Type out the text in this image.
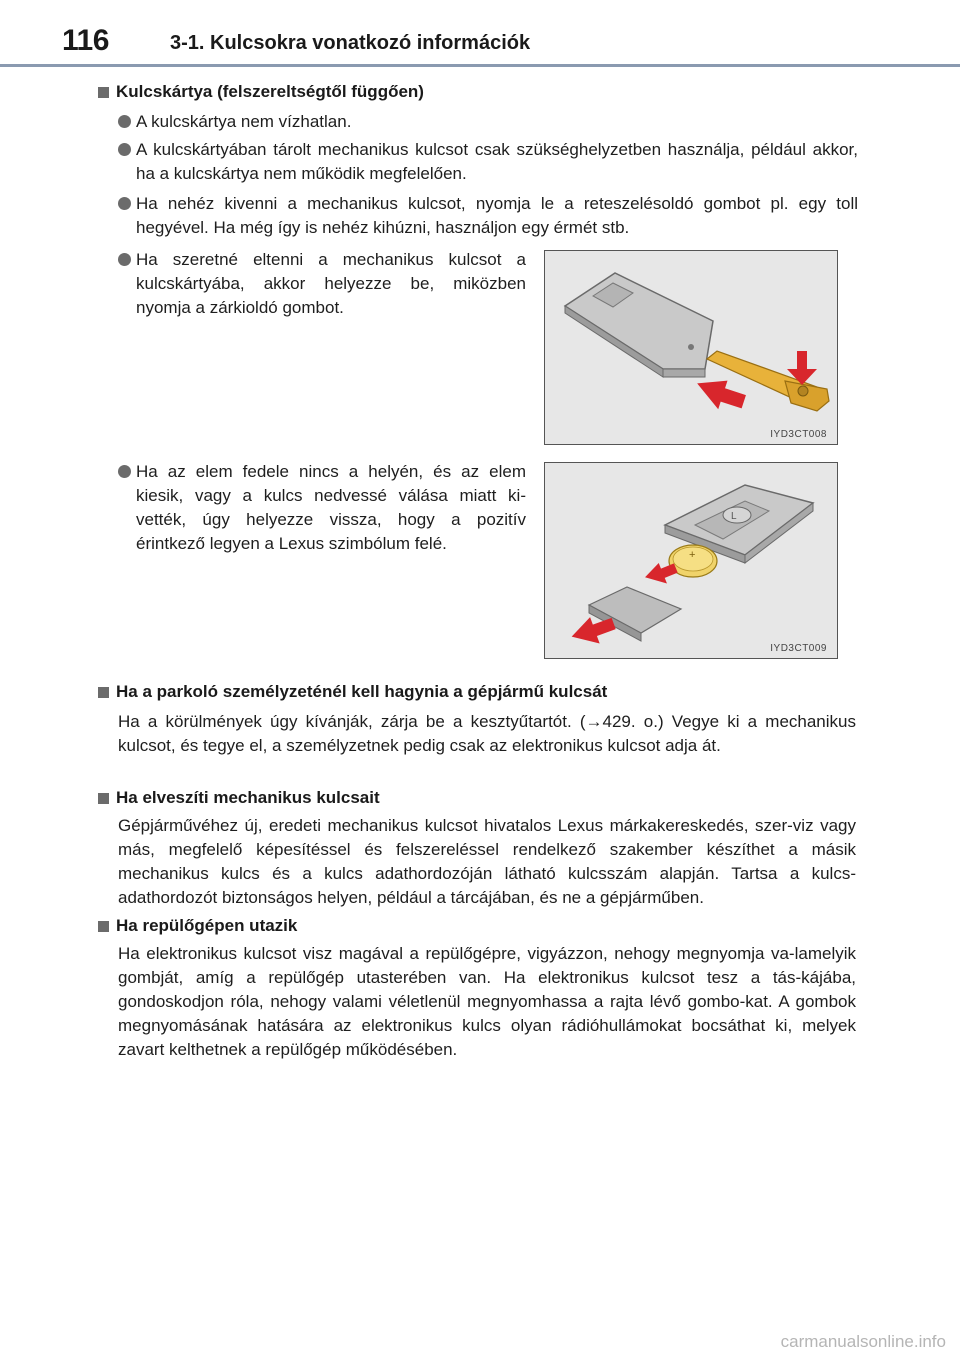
116	3-1. Kulcsokra vonatkozó információk
Kulcskártya (felszereltségtől függően)
A kulcskártya nem vízhatlan.
A kulcskártyában tárolt mechanikus kulcsot csak szükséghelyzetben használja, például akkor, ha a kulcskártya nem működik megfelelően.
Ha nehéz kivenni a mechanikus kulcsot, nyomja le a reteszelésoldó gombot pl. egy toll hegyével. Ha még így is nehéz kihúzni, használjon egy érmét stb.
Ha szeretné eltenni a mechanikus kulcsot a kulcskártyába, akkor helyezze be, miközben nyomja a zárkioldó gombot.
Ha az elem fedele nincs a helyén, és az elem kiesik, vagy a kulcs nedvessé válása miatt ki-vették, úgy helyezze vissza, hogy a pozitív érintkező legyen a Lexus szimbólum felé.
IYD3CT008
L
+
IYD3CT009
Ha a parkoló személyzeténél kell hagynia a gépjármű kulcsát
Ha a körülmények úgy kívánják, zárja be a kesztyűtartót. (→429. o.) Vegye ki a mechanikus kulcsot, és tegye el, a személyzetnek pedig csak az elektronikus kulcsot adja át.
Ha elveszíti mechanikus kulcsait
Gépjárművéhez új, eredeti mechanikus kulcsot hivatalos Lexus márkakereskedés, szer-viz vagy más, megfelelő képesítéssel és felszereléssel rendelkező szakember készíthet a másik mechanikus kulcs és a kulcs adathordozóján látható kulcsszám alapján. Tartsa a kulcs-adathordozót biztonságos helyen, például a tárcájában, és ne a gépjárműben.
Ha repülőgépen utazik
Ha elektronikus kulcsot visz magával a repülőgépre, vigyázzon, nehogy megnyomja va-lamelyik gombját, amíg a repülőgép utasterében van. Ha elektronikus kulcsot tesz a tás-kájába, gondoskodjon róla, nehogy valami véletlenül megnyomhassa a rajta lévő gombo-kat. A gombok megnyomásának hatására az elektronikus kulcs olyan rádióhullámokat bocsáthat ki, melyek zavart kelthetnek a repülőgép működésében.
carmanualsonline.info
